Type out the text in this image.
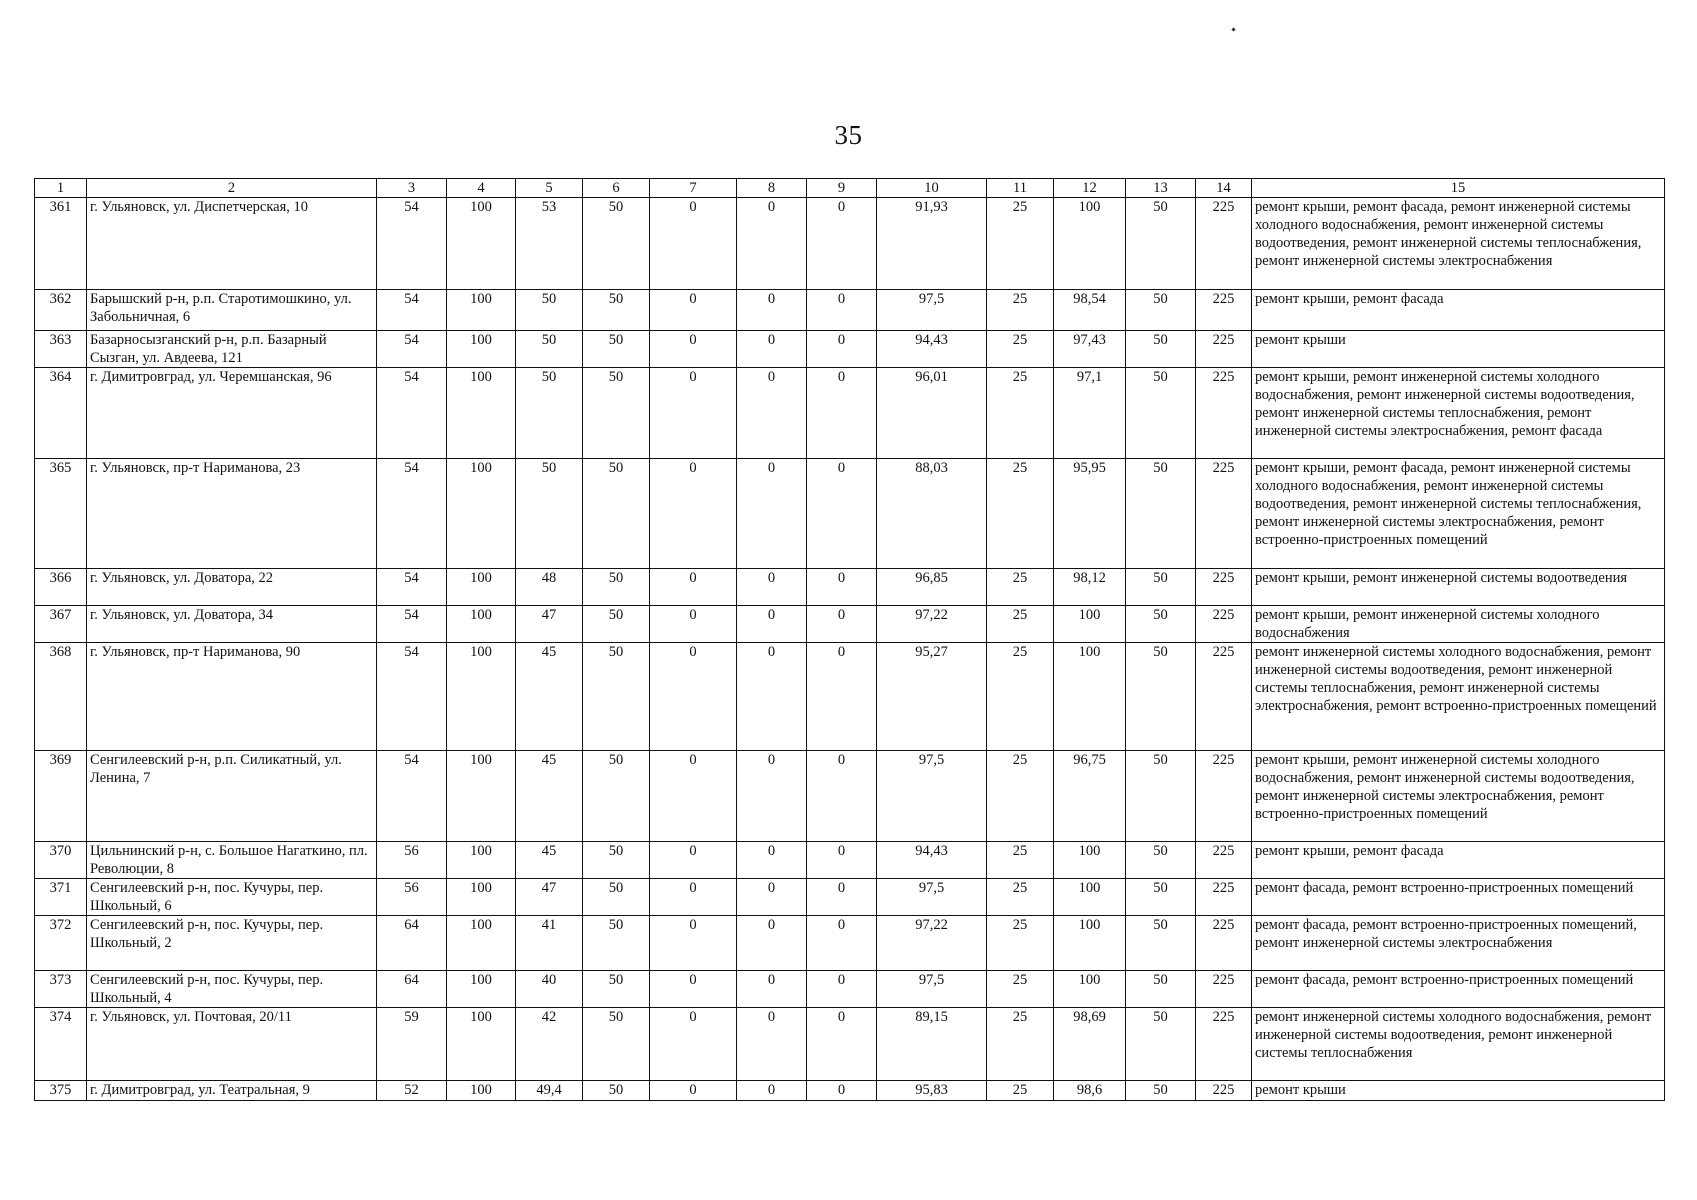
35
1	2	3	4	5	6	7	8	9	10	11	12	13	14	15
361	г. Ульяновск, ул. Диспетчерская, 10	54	100	53	50	0	0	0	91,93	25	100	50	225	ремонт крыши, ремонт фасада, ремонт инженерной системы холодного водоснабжения, ремонт инженерной системы водоотведения, ремонт инженерной системы теплоснабжения, ремонт инженерной системы электроснабжения
362	Барышский р-н, р.п. Старотимошкино, ул. Забольничная, 6	54	100	50	50	0	0	0	97,5	25	98,54	50	225	ремонт крыши, ремонт фасада
363	Базарносызганский р-н, р.п. Базарный Сызган, ул. Авдеева, 121	54	100	50	50	0	0	0	94,43	25	97,43	50	225	ремонт крыши
364	г. Димитровград, ул. Черемшанская, 96	54	100	50	50	0	0	0	96,01	25	97,1	50	225	ремонт крыши, ремонт инженерной системы холодного водоснабжения, ремонт инженерной системы водоотведения, ремонт инженерной системы теплоснабжения, ремонт инженерной системы электроснабжения, ремонт фасада
365	г. Ульяновск, пр-т Нариманова, 23	54	100	50	50	0	0	0	88,03	25	95,95	50	225	ремонт крыши, ремонт фасада, ремонт инженерной системы холодного водоснабжения, ремонт инженерной системы водоотведения, ремонт инженерной системы теплоснабжения, ремонт инженерной системы электроснабжения, ремонт встроенно-пристроенных помещений
366	г. Ульяновск, ул. Доватора, 22	54	100	48	50	0	0	0	96,85	25	98,12	50	225	ремонт крыши, ремонт инженерной системы водоотведения
367	г. Ульяновск, ул. Доватора, 34	54	100	47	50	0	0	0	97,22	25	100	50	225	ремонт крыши, ремонт инженерной системы холодного водоснабжения
368	г. Ульяновск, пр-т Нариманова, 90	54	100	45	50	0	0	0	95,27	25	100	50	225	ремонт инженерной системы холодного водоснабжения, ремонт инженерной системы водоотведения, ремонт инженерной системы теплоснабжения, ремонт инженерной системы электроснабжения, ремонт встроенно-пристроенных помещений
369	Сенгилеевский р-н, р.п. Силикатный, ул. Ленина, 7	54	100	45	50	0	0	0	97,5	25	96,75	50	225	ремонт крыши, ремонт инженерной системы холодного водоснабжения, ремонт инженерной системы водоотведения, ремонт инженерной системы электроснабжения, ремонт встроенно-пристроенных помещений
370	Цильнинский р-н, с. Большое Нагаткино, пл. Революции, 8	56	100	45	50	0	0	0	94,43	25	100	50	225	ремонт крыши, ремонт фасада
371	Сенгилеевский р-н, пос. Кучуры, пер. Школьный, 6	56	100	47	50	0	0	0	97,5	25	100	50	225	ремонт фасада, ремонт встроенно-пристроенных помещений
372	Сенгилеевский р-н, пос. Кучуры, пер. Школьный, 2	64	100	41	50	0	0	0	97,22	25	100	50	225	ремонт фасада, ремонт встроенно-пристроенных помещений, ремонт инженерной системы электроснабжения
373	Сенгилеевский р-н, пос. Кучуры, пер. Школьный, 4	64	100	40	50	0	0	0	97,5	25	100	50	225	ремонт фасада, ремонт встроенно-пристроенных помещений
374	г. Ульяновск, ул. Почтовая, 20/11	59	100	42	50	0	0	0	89,15	25	98,69	50	225	ремонт инженерной системы холодного водоснабжения, ремонт инженерной системы водоотведения, ремонт инженерной системы теплоснабжения
375	г. Димитровград, ул. Театральная, 9	52	100	49,4	50	0	0	0	95,83	25	98,6	50	225	ремонт крыши
